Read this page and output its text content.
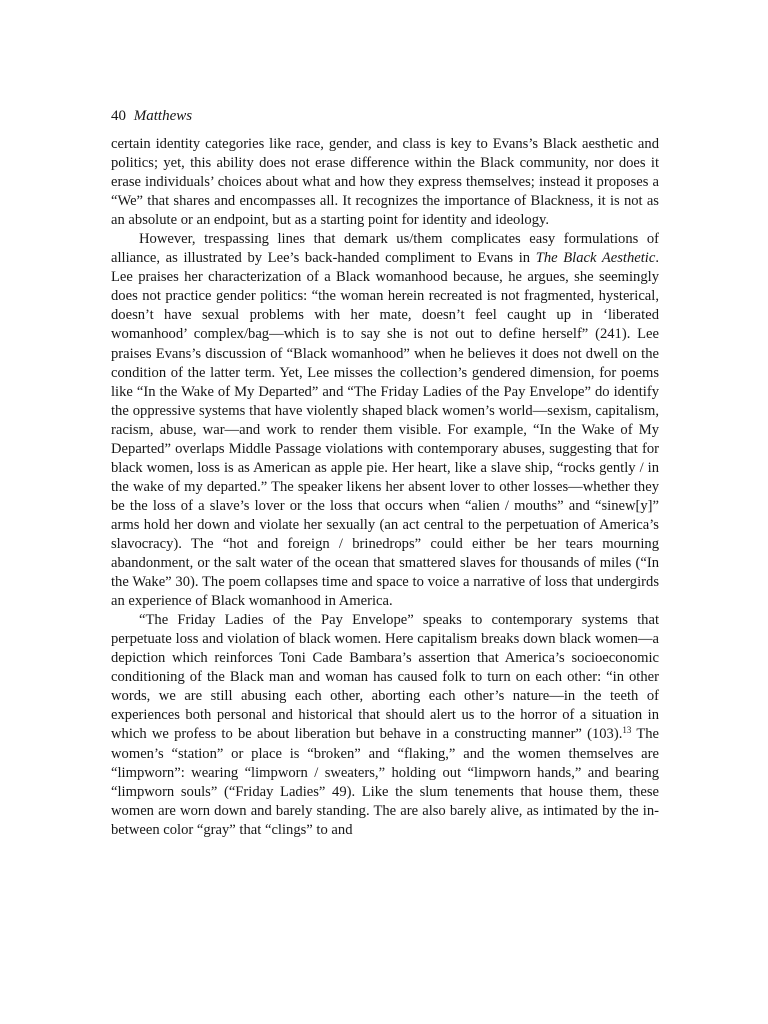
40 Matthews

certain identity categories like race, gender, and class is key to Evans’s Black aesthetic and politics; yet, this ability does not erase difference within the Black community, nor does it erase individuals’ choices about what and how they express themselves; instead it proposes a “We” that shares and encompasses all. It recognizes the importance of Blackness, it is not as an absolute or an endpoint, but as a starting point for identity and ideology.

However, trespassing lines that demark us/them complicates easy formulations of alliance, as illustrated by Lee’s back-handed compliment to Evans in The Black Aesthetic. Lee praises her characterization of a Black womanhood because, he argues, she seemingly does not practice gender politics: “the woman herein recreated is not fragmented, hysterical, doesn’t have sexual problems with her mate, doesn’t feel caught up in ‘liberated womanhood’ complex/bag—which is to say she is not out to define herself” (241). Lee praises Evans’s discussion of “Black womanhood” when he believes it does not dwell on the condition of the latter term. Yet, Lee misses the collection’s gendered dimension, for poems like “In the Wake of My Departed” and “The Friday Ladies of the Pay Envelope” do identify the oppressive systems that have violently shaped black women’s world—sexism, capitalism, racism, abuse, war—and work to render them visible. For example, “In the Wake of My Departed” overlaps Middle Passage violations with contemporary abuses, suggesting that for black women, loss is as American as apple pie. Her heart, like a slave ship, “rocks gently / in the wake of my departed.” The speaker likens her absent lover to other losses—whether they be the loss of a slave’s lover or the loss that occurs when “alien / mouths” and “sinew[y]” arms hold her down and violate her sexually (an act central to the perpetuation of America’s slavocracy). The “hot and foreign / brinedrops” could either be her tears mourning abandonment, or the salt water of the ocean that smattered slaves for thousands of miles (“In the Wake” 30). The poem collapses time and space to voice a narrative of loss that undergirds an experience of Black womanhood in America.

“The Friday Ladies of the Pay Envelope” speaks to contemporary systems that perpetuate loss and violation of black women. Here capitalism breaks down black women—a depiction which reinforces Toni Cade Bambara’s assertion that America’s socioeconomic conditioning of the Black man and woman has caused folk to turn on each other: “in other words, we are still abusing each other, aborting each other’s nature—in the teeth of experiences both personal and historical that should alert us to the horror of a situation in which we profess to be about liberation but behave in a constructing manner” (103).$^{13}$ The women’s “station” or place is “broken” and “flaking,” and the women themselves are “limpworn”: wearing “limpworn / sweaters,” holding out “limpworn hands,” and bearing “limpworn souls” (“Friday Ladies” 49). Like the slum tenements that house them, these women are worn down and barely standing. The are also barely alive, as intimated by the in-between color “gray” that “clings” to and
